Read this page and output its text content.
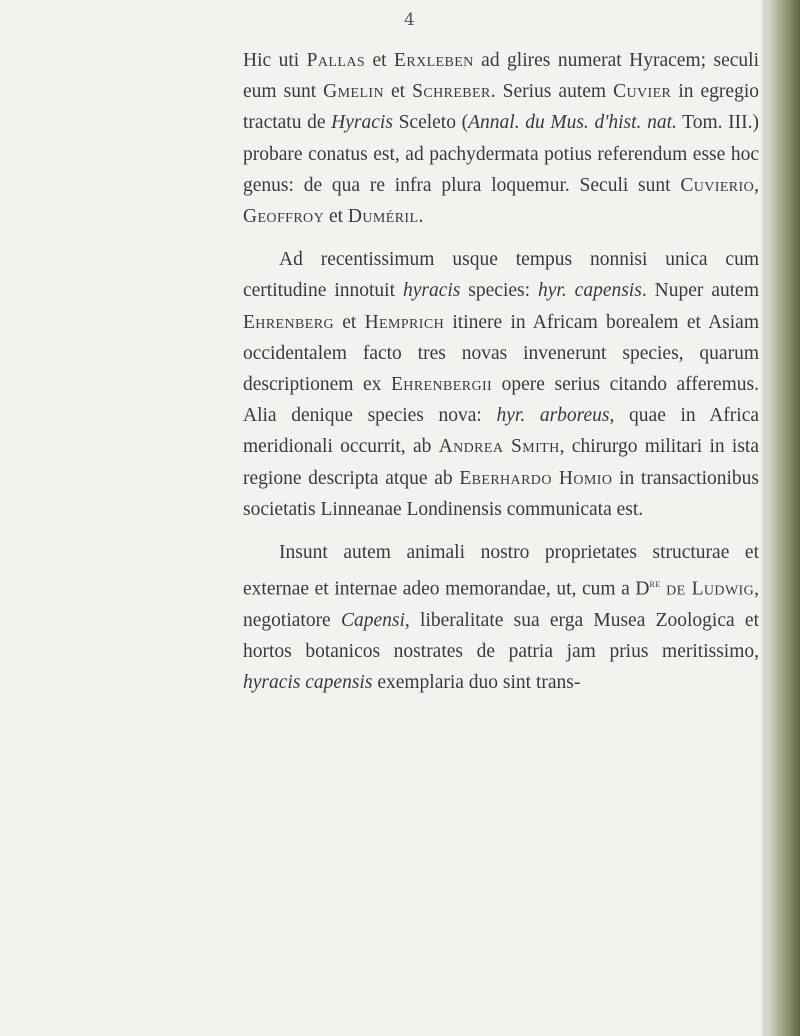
4

Hic uti Pallas et Erxleben ad glires numerat Hyracem; seculi eum sunt Gmelin et Schreber. Serius autem Cuvier in egregio tractatu de Hyracis Sceleto (Annal. du Mus. d'hist. nat. Tom. III.) probare conatus est, ad pachydermata potius referendum esse hoc genus: de qua re infra plura loquemur. Seculi sunt Cuvierio, Geoffroy et Duméril.

Ad recentissimum usque tempus nonnisi unica cum certitudine innotuit hyracis species: hyr. capensis. Nuper autem Ehrenberg et Hemprich itinere in Africam borealem et Asiam occidentalem facto tres novas invenerunt species, quarum descriptionem ex Ehrenbergii opere serius citando afferemus. Alia denique species nova: hyr. arboreus, quae in Africa meridionali occurrit, ab Andrea Smith, chirurgo militari in ista regione descripta atque ab Eberhardo Homio in transactionibus societatis Linneanae Londinensis communicata est.

Insunt autem animali nostro proprietates structurae et externae et internae adeo memorandae, ut, cum a Dre de Ludwig, negotiatore Capensi, liberalitate sua erga Musea Zoologica et hortos botanicos nostrates de patria jam prius meritissimo, hyracis capensis exemplaria duo sint trans-
